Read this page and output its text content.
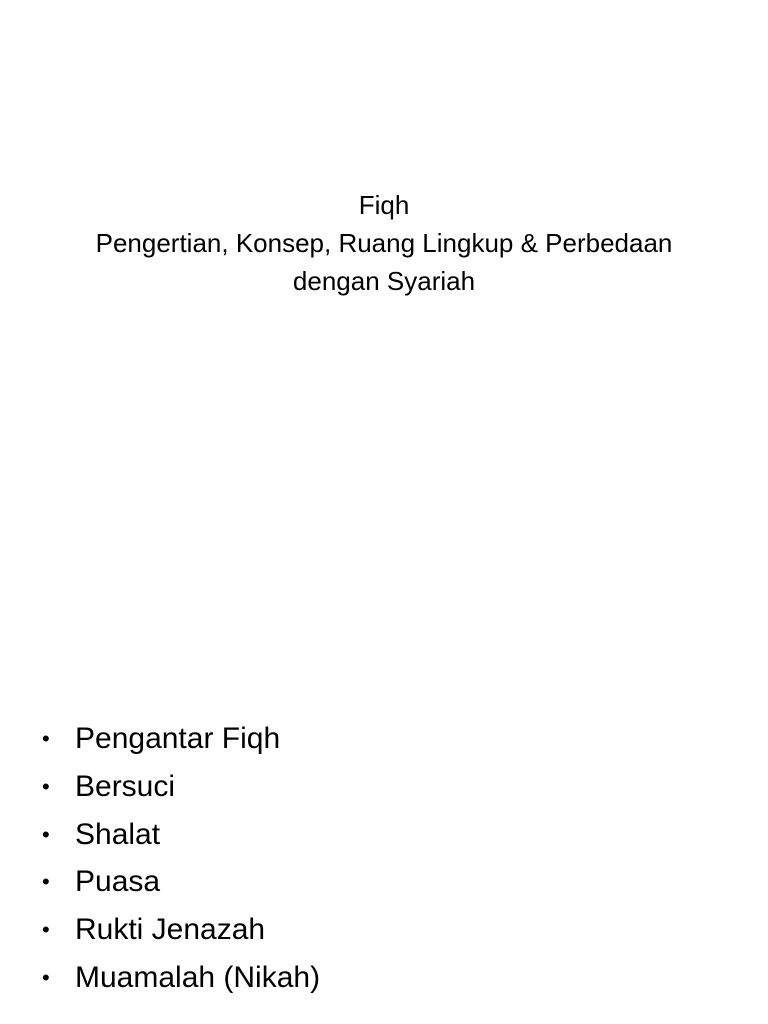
Fiqh
Pengertian, Konsep, Ruang Lingkup & Perbedaan
dengan Syariah
• Pengantar Fiqh
• Bersuci
• Shalat
• Puasa
• Rukti Jenazah
• Muamalah (Nikah)
